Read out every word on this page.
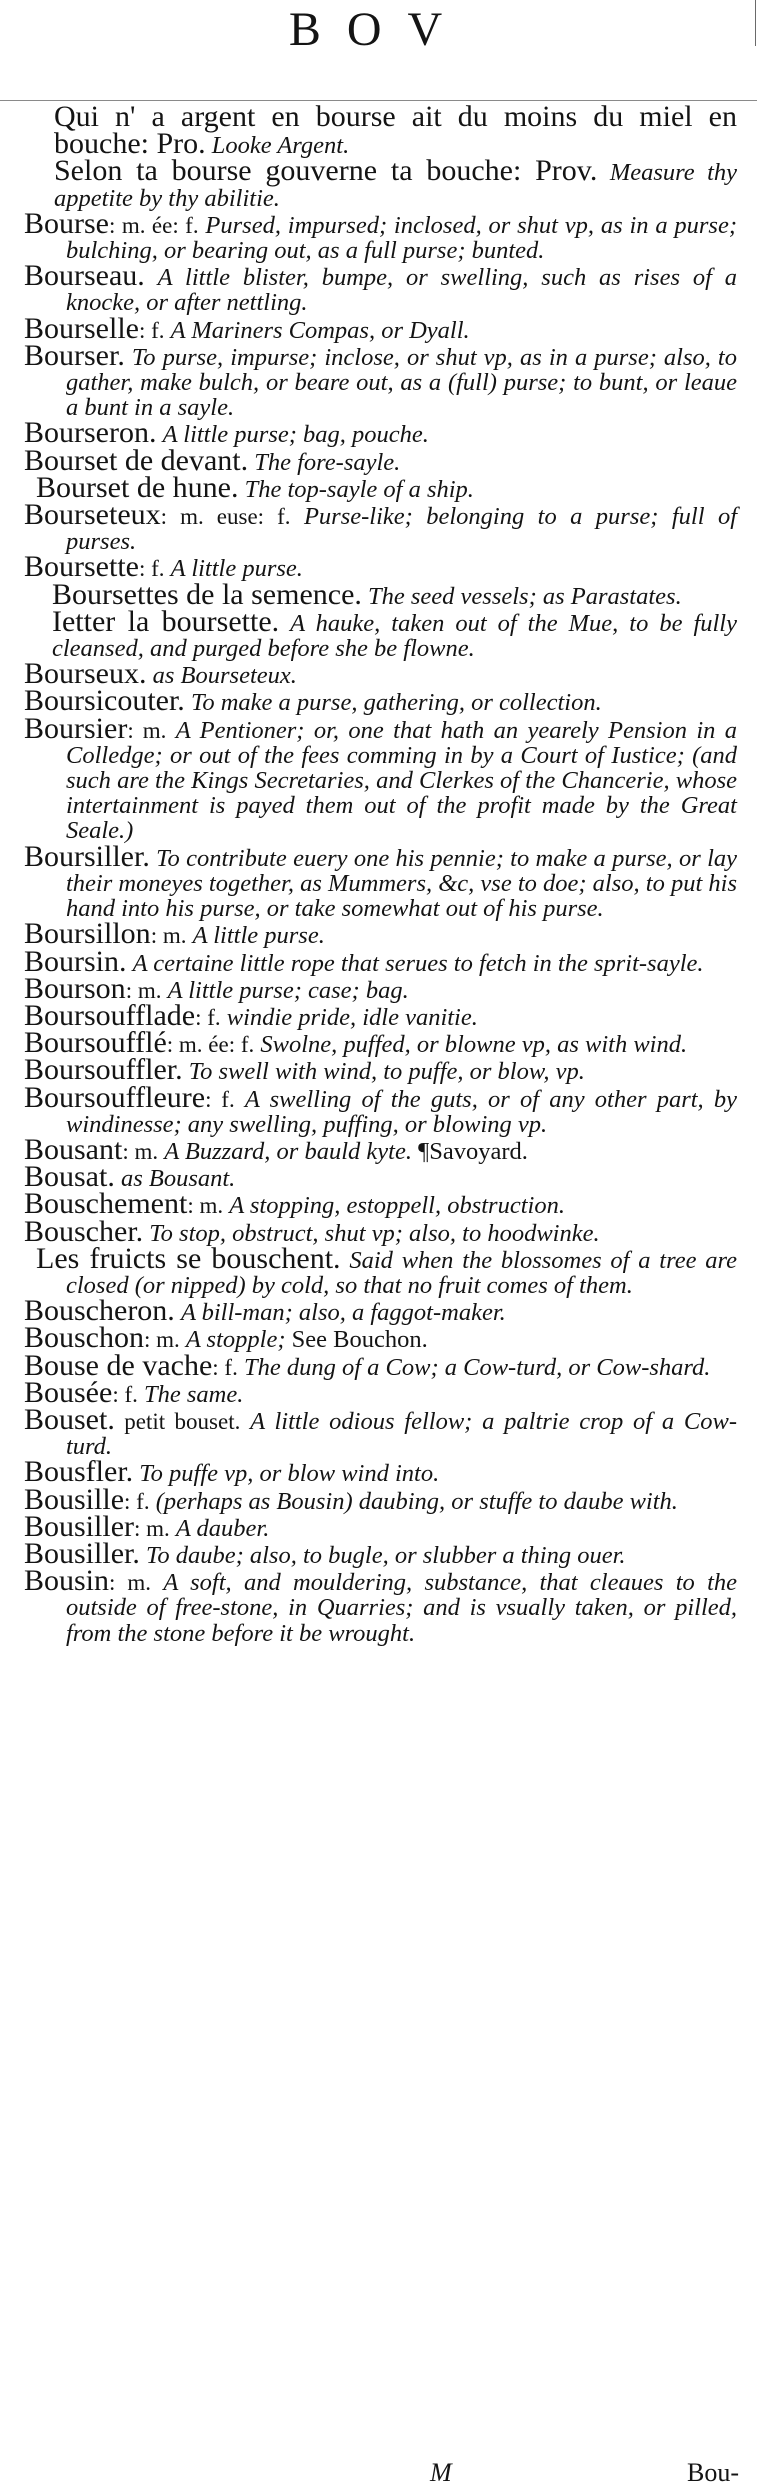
BOV
Qui n' a argent en bourse ait du moins du miel en bouche: Pro. Looke Argent.
Selon ta bourse gouverne ta bouche: Prov. Measure thy appetite by thy abilitie.
Bourse: m. ée: f. Pursed, impursed; inclosed, or shut vp, as in a purse; bulching, or bearing out, as a full purse; bunted.
Bourseau. A little blister, bumpe, or swelling, such as rises of a knocke, or after nettling.
Bourselle: f. A Mariners Compas, or Dyall.
Bourser. To purse, impurse; inclose, or shut vp, as in a purse; also, to gather, make bulch, or beare out, as a (full) purse; to bunt, or leaue a bunt in a sayle.
Bourseron. A little purse; bag, pouche.
Bourset de devant. The fore-sayle.
Bourset de hune. The top-sayle of a ship.
Bourseteux: m. euse: f. Purse-like; belonging to a purse; full of purses.
Boursette: f. A little purse.
Boursettes de la semence. The seed vessels; as Parastates.
Ietter la boursette. A hauke, taken out of the Mue, to be fully cleansed, and purged before she be flowne.
Bourseux. as Bourseteux.
Boursicouter. To make a purse, gathering, or collection.
Boursier: m. A Pentioner; or, one that hath an yearely Pension in a Colledge; or out of the fees comming in by a Court of Iustice; (and such are the Kings Secretaries, and Clerkes of the Chancerie, whose intertainment is payed them out of the profit made by the Great Seale.)
Boursiller. To contribute euery one his pennie; to make a purse, or lay their moneyes together, as Mummers, &c, vse to doe; also, to put his hand into his purse, or take somewhat out of his purse.
Boursillon: m. A little purse.
Boursin. A certaine little rope that serues to fetch in the sprit-sayle.
Bourson: m. A little purse; case; bag.
Boursoufflade: f. windie pride, idle vanitie.
Boursoufflé: m. ée: f. Swolne, puffed, or blowne vp, as with wind.
Boursouffler. To swell with wind, to puffe, or blow, vp.
Boursouffleure: f. A swelling of the guts, or of any other part, by windinesse; any swelling, puffing, or blowing vp.
Bousant: m. A Buzzard, or bauld kyte. ¶Savoyard.
Bousat. as Bousant.
Bouschement: m. A stopping, estoppell, obstruction.
Bouscher. To stop, obstruct, shut vp; also, to hoodwinke.
Les fruicts se bouschent. Said when the blossomes of a tree are closed (or nipped) by cold, so that no fruit comes of them.
Bouscheron. A bill-man; also, a faggot-maker.
Bouschon: m. A stopple; See Bouchon.
Bouse de vache: f. The dung of a Cow; a Cow-turd, or Cow-shard.
Bousée: f. The same.
Bouset. petit bouset. A little odious fellow; a paltrie crop of a Cow-turd.
Bousfler. To puffe vp, or blow wind into.
Bousille: f. (perhaps as Bousin) daubing, or stuffe to daube with.
Bousiller: m. A dauber.
Bousiller. To daube; also, to bugle, or slubber a thing ouer.
Bousin: m. A soft, and mouldering, substance, that cleaues to the outside of free-stone, in Quarries; and is vsually taken, or pilled, from the stone before it be wrought.
M	Bou-
